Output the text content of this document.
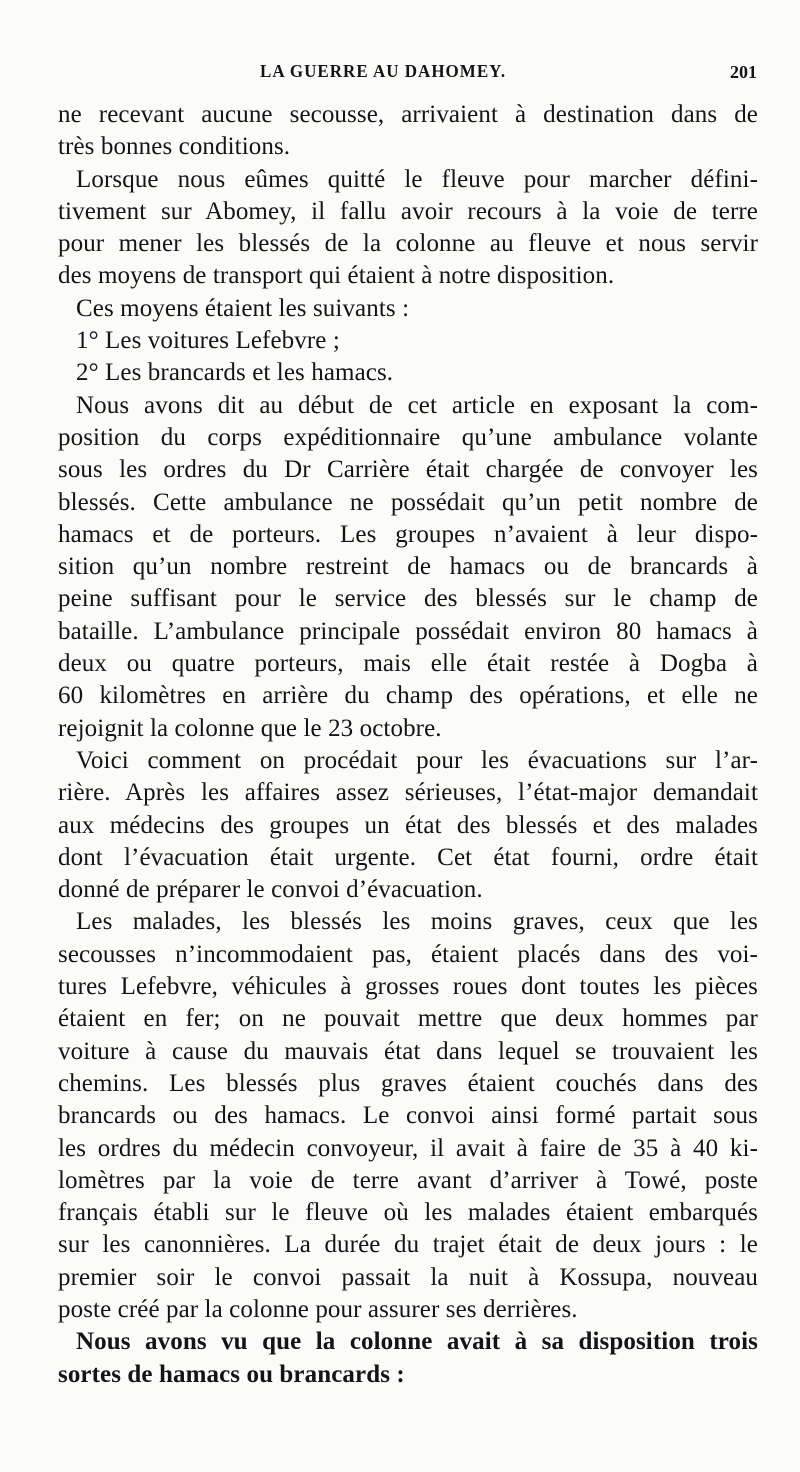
LA GUERRE AU DAHOMEY.	201
ne recevant aucune secousse, arrivaient à destination dans de
très bonnes conditions.
Lorsque nous eûmes quitté le fleuve pour marcher défini-
tivement sur Abomey, il fallu avoir recours à la voie de terre
pour mener les blessés de la colonne au fleuve et nous servir
des moyens de transport qui étaient à notre disposition.
Ces moyens étaient les suivants :
1° Les voitures Lefebvre ;
2° Les brancards et les hamacs.
Nous avons dit au début de cet article en exposant la com-
position du corps expéditionnaire qu’une ambulance volante
sous les ordres du Dr Carrière était chargée de convoyer les
blessés. Cette ambulance ne possédait qu’un petit nombre de
hamacs et de porteurs. Les groupes n’avaient à leur dispo-
sition qu’un nombre restreint de hamacs ou de brancards à
peine suffisant pour le service des blessés sur le champ de
bataille. L’ambulance principale possédait environ 80 hamacs à
deux ou quatre porteurs, mais elle était restée à Dogba à
60 kilomètres en arrière du champ des opérations, et elle ne
rejoignit la colonne que le 23 octobre.
Voici comment on procédait pour les évacuations sur l’ar-
rière. Après les affaires assez sérieuses, l’état-major demandait
aux médecins des groupes un état des blessés et des malades
dont l’évacuation était urgente. Cet état fourni, ordre était
donné de préparer le convoi d’évacuation.
Les malades, les blessés les moins graves, ceux que les
secousses n’incommodaient pas, étaient placés dans des voi-
tures Lefebvre, véhicules à grosses roues dont toutes les pièces
étaient en fer; on ne pouvait mettre que deux hommes par
voiture à cause du mauvais état dans lequel se trouvaient les
chemins. Les blessés plus graves étaient couchés dans des
brancards ou des hamacs. Le convoi ainsi formé partait sous
les ordres du médecin convoyeur, il avait à faire de 35 à 40 ki-
lomètres par la voie de terre avant d’arriver à Towé, poste
français établi sur le fleuve où les malades étaient embarqués
sur les canonnières. La durée du trajet était de deux jours : le
premier soir le convoi passait la nuit à Kossupa, nouveau
poste créé par la colonne pour assurer ses derrières.
Nous avons vu que la colonne avait à sa disposition trois
sortes de hamacs ou brancards :
